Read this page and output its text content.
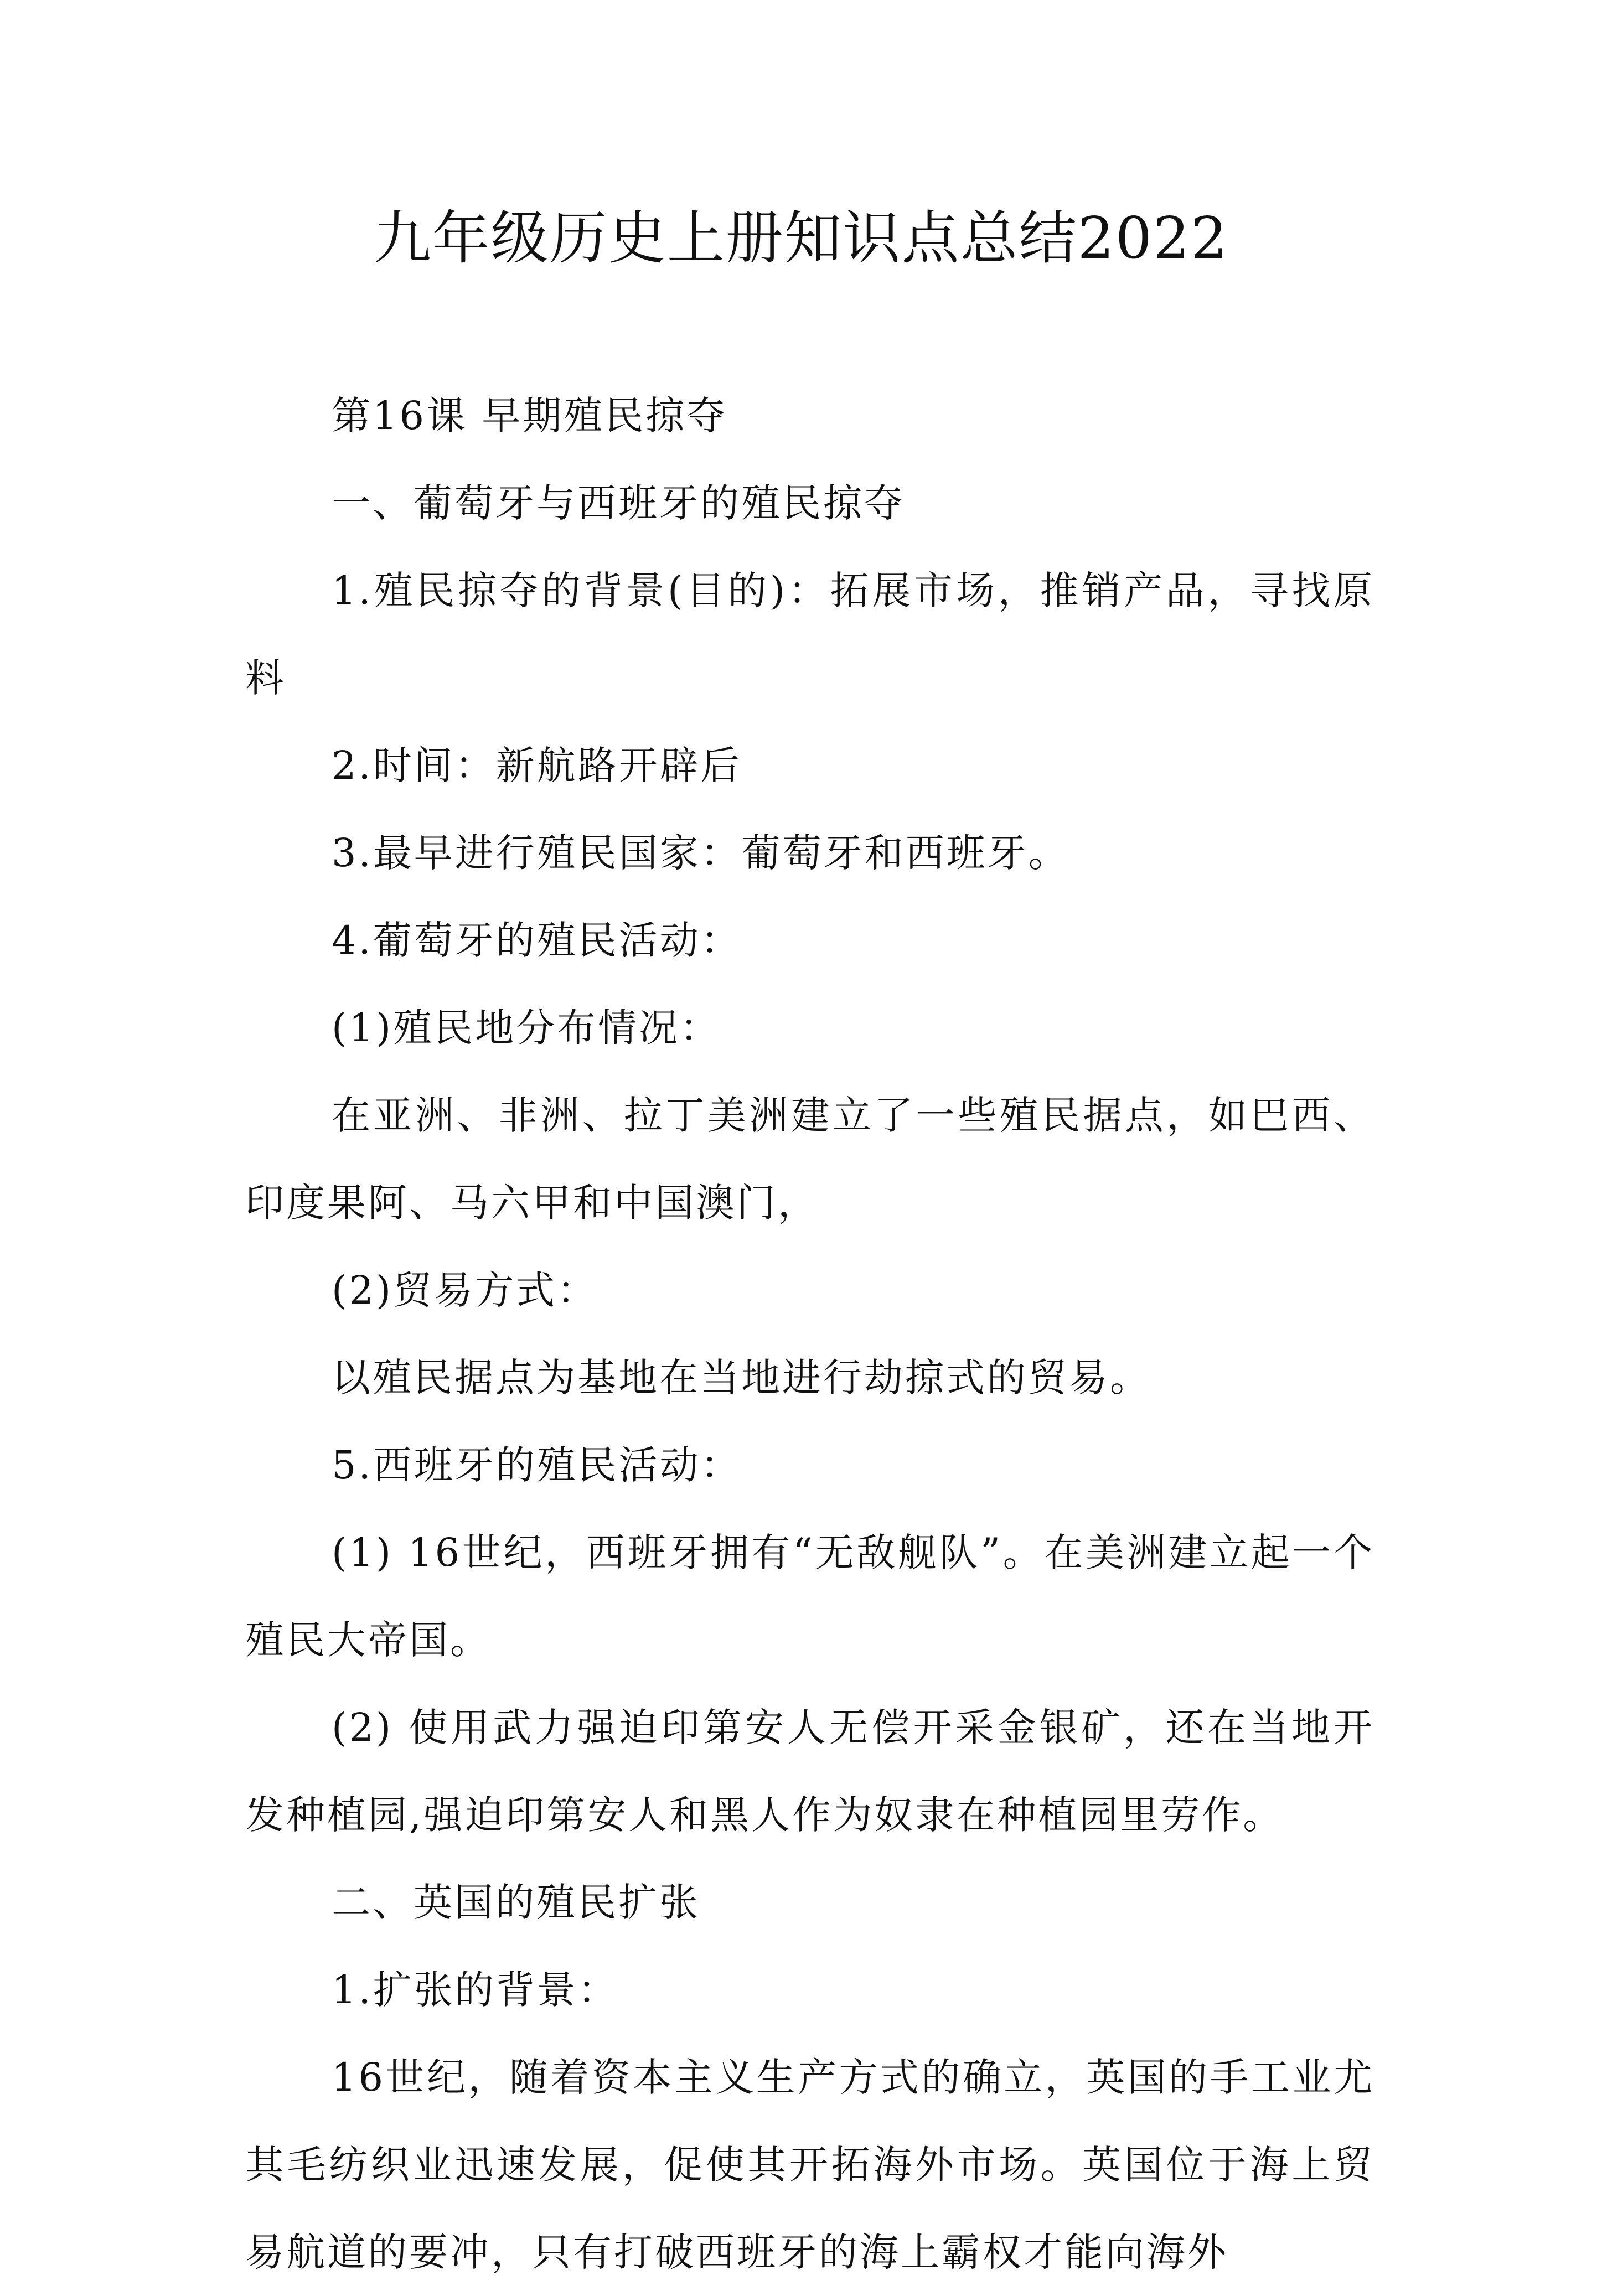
九年级历史上册知识点总结2022

第16课 早期殖民掠夺

一、葡萄牙与西班牙的殖民掠夺

1.殖民掠夺的背景(目的)：拓展市场，推销产品，寻找原料

2.时间：新航路开辟后

3.最早进行殖民国家：葡萄牙和西班牙。

4.葡萄牙的殖民活动：

(1)殖民地分布情况：

在亚洲、非洲、拉丁美洲建立了一些殖民据点，如巴西、印度果阿、马六甲和中国澳门，

(2)贸易方式：

以殖民据点为基地在当地进行劫掠式的贸易。

5.西班牙的殖民活动：

(1) 16世纪，西班牙拥有“无敌舰队”。在美洲建立起一个殖民大帝国。

(2) 使用武力强迫印第安人无偿开采金银矿，还在当地开发种植园,强迫印第安人和黑人作为奴隶在种植园里劳作。

二、英国的殖民扩张

1.扩张的背景：

16世纪，随着资本主义生产方式的确立，英国的手工业尤其毛纺织业迅速发展，促使其开拓海外市场。英国位于海上贸易航道的要冲，只有打破西班牙的海上霸权才能向海外
